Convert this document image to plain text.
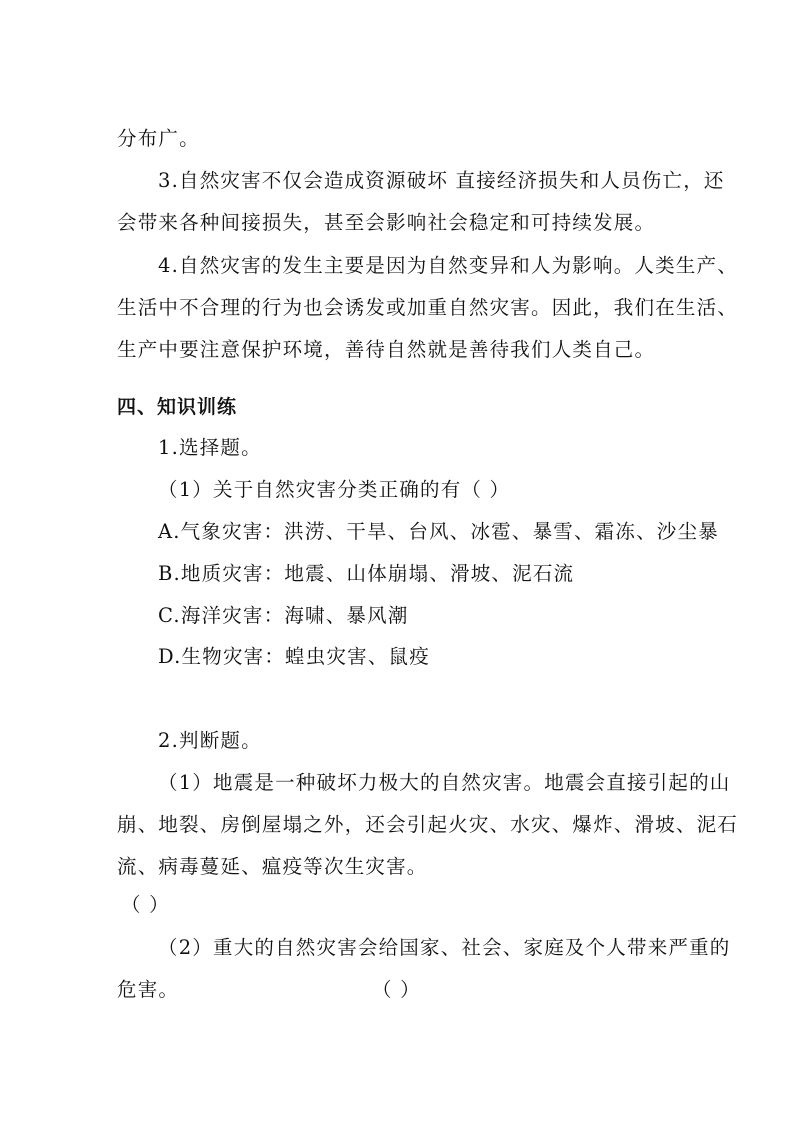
分布广。
3.自然灾害不仅会造成资源破坏 直接经济损失和人员伤亡，还
会带来各种间接损失，甚至会影响社会稳定和可持续发展。
4.自然灾害的发生主要是因为自然变异和人为影响。人类生产、
生活中不合理的行为也会诱发或加重自然灾害。因此，我们在生活、
生产中要注意保护环境，善待自然就是善待我们人类自己。
四、知识训练
1.选择题。
（1）关于自然灾害分类正确的有（ ）
A.气象灾害：洪涝、干旱、台风、冰雹、暴雪、霜冻、沙尘暴
B.地质灾害：地震、山体崩塌、滑坡、泥石流
C.海洋灾害：海啸、暴风潮
D.生物灾害：蝗虫灾害、鼠疫
2.判断题。
（1）地震是一种破坏力极大的自然灾害。地震会直接引起的山
崩、地裂、房倒屋塌之外，还会引起火灾、水灾、爆炸、滑坡、泥石
流、病毒蔓延、瘟疫等次生灾害。
（ ）
（2）重大的自然灾害会给国家、社会、家庭及个人带来严重的
危害。	（ ）
